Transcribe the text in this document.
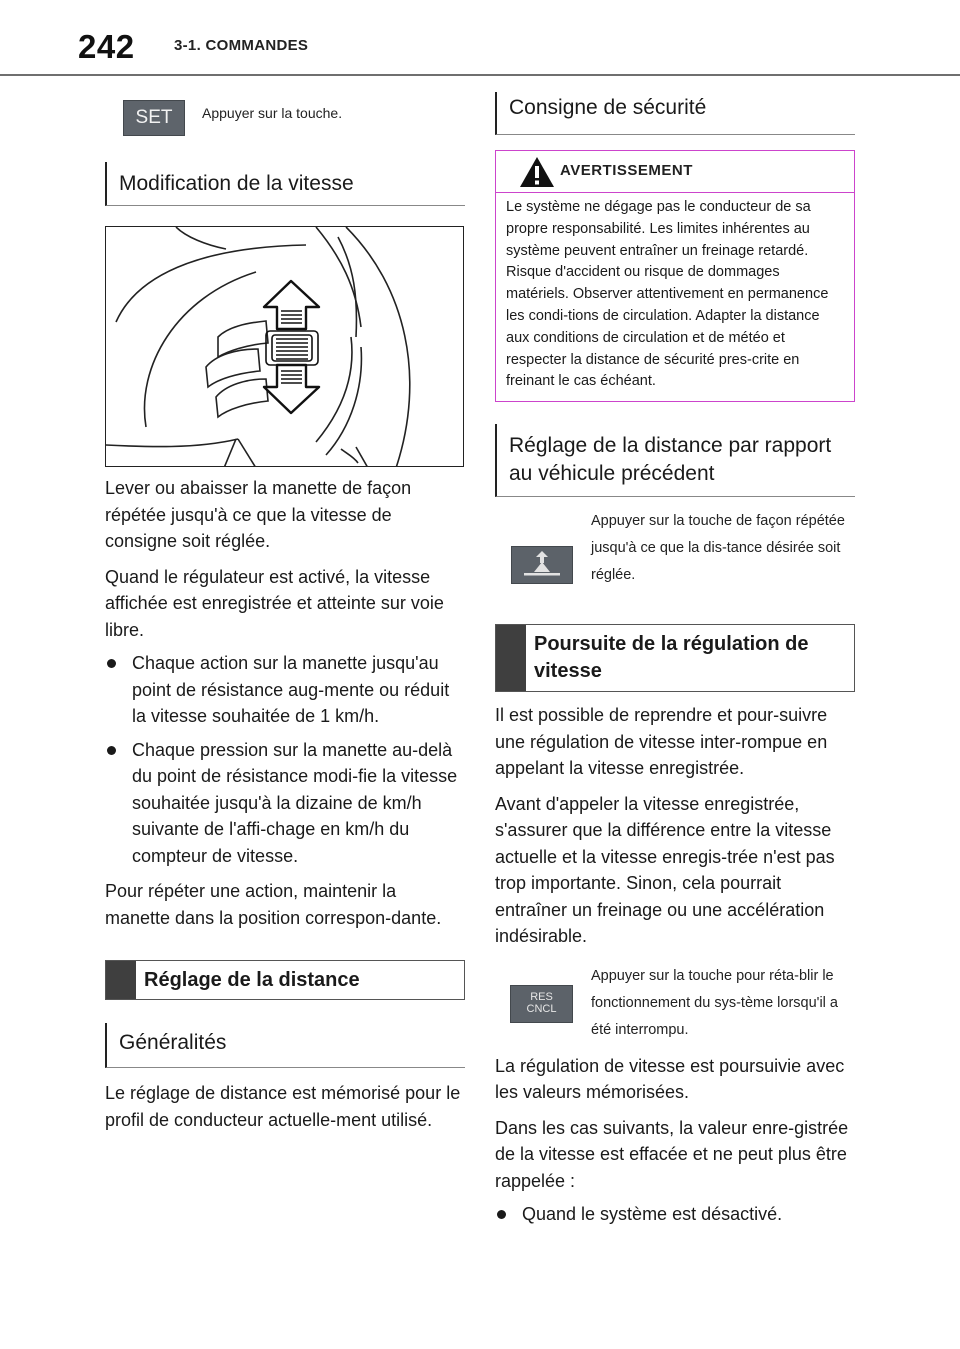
242	3-1. COMMANDES
SET	Appuyer sur la touche.
Modification de la vitesse
Lever ou abaisser la manette de façon répétée jusqu'à ce que la vitesse de consigne soit réglée.
Quand le régulateur est activé, la vitesse affichée est enregistrée et atteinte sur voie libre.
Chaque action sur la manette jusqu'au point de résistance aug-mente ou réduit la vitesse souhaitée de 1 km/h.
Chaque pression sur la manette au-delà du point de résistance modi-fie la vitesse souhaitée jusqu'à la dizaine de km/h suivante de l'affi-chage en km/h du compteur de vitesse.
Pour répéter une action, maintenir la manette dans la position correspon-dante.
Réglage de la distance
Généralités
Le réglage de distance est mémorisé pour le profil de conducteur actuelle-ment utilisé.
Consigne de sécurité
AVERTISSEMENT
Le système ne dégage pas le conducteur de sa propre responsabilité. Les limites inhérentes au système peuvent entraîner un freinage retardé. Risque d'accident ou risque de dommages matériels. Observer attentivement en permanence les condi-tions de circulation. Adapter la distance aux conditions de circulation et de météo et respecter la distance de sécurité pres-crite en freinant le cas échéant.
Réglage de la distance par rapport au véhicule précédent
Appuyer sur la touche de façon répétée jusqu'à ce que la dis-tance désirée soit réglée.
Poursuite de la régulation de vitesse
Il est possible de reprendre et pour-suivre une régulation de vitesse inter-rompue en appelant la vitesse enregistrée.
Avant d'appeler la vitesse enregistrée, s'assurer que la différence entre la vitesse actuelle et la vitesse enregis-trée n'est pas trop importante. Sinon, cela pourrait entraîner un freinage ou une accélération indésirable.
RES
CNCL
Appuyer sur la touche pour réta-blir le fonctionnement du sys-tème lorsqu'il a été interrompu.
La régulation de vitesse est poursuivie avec les valeurs mémorisées.
Dans les cas suivants, la valeur enre-gistrée de la vitesse est effacée et ne peut plus être rappelée :
Quand le système est désactivé.
